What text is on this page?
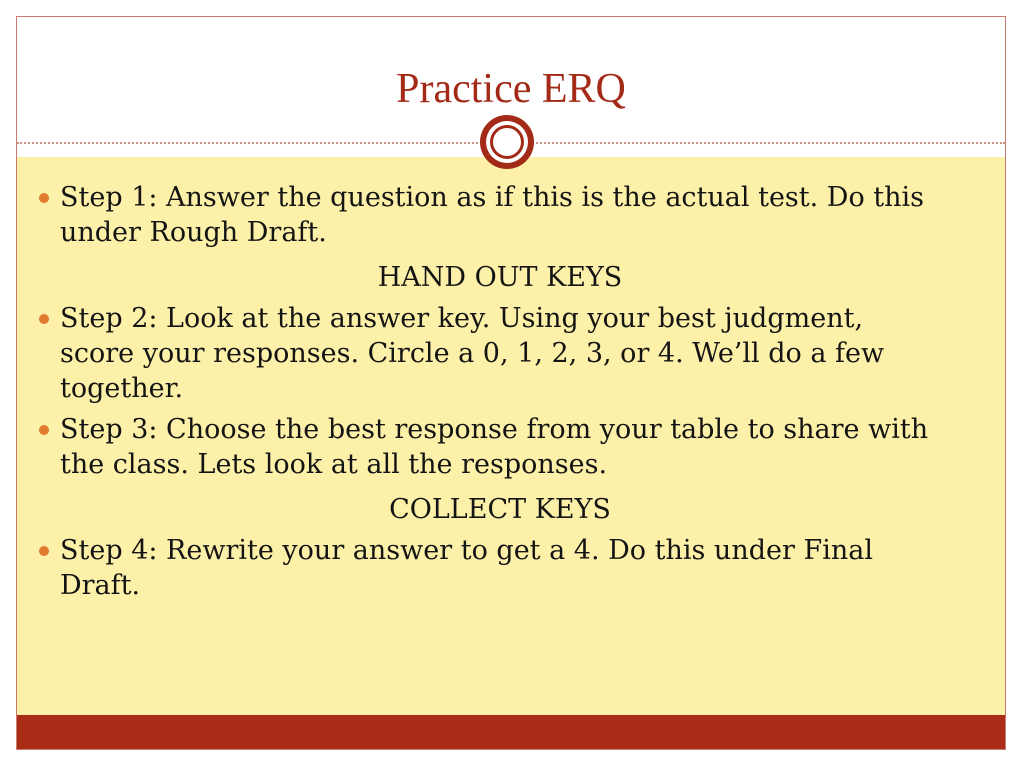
Practice ERQ
Step 1: Answer the question as if this is the actual test. Do this under Rough Draft.
HAND OUT KEYS
Step 2: Look at the answer key. Using your best judgment, score your responses. Circle a 0, 1, 2, 3, or 4. We’ll do a few together.
Step 3: Choose the best response from your table to share with the class. Lets look at all the responses.
COLLECT KEYS
Step 4: Rewrite your answer to get a 4. Do this under Final Draft.
